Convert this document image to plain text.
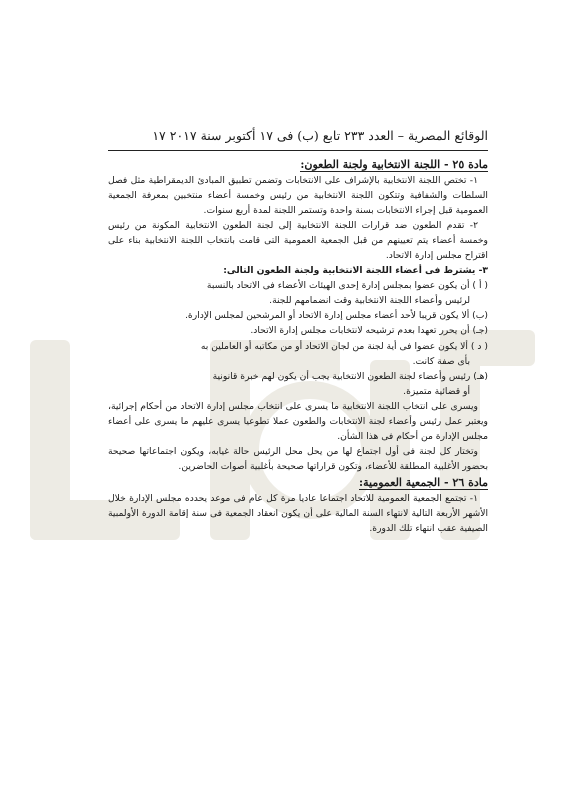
الوقائع المصرية – العدد ٢٣٣ تابع (ب) فى ١٧ أكتوبر سنة ٢٠١٧ ١٧

مادة ٢٥ - اللجنة الانتخابية ولجنة الطعون:

١- تختص اللجنة الانتخابية بالإشراف على الانتخابات وتضمن تطبيق المبادئ الديمقراطية مثل فصل السلطات والشفافية وتتكون اللجنة الانتخابية من رئيس وخمسة أعضاء منتخبين بمعرفة الجمعية العمومية قبل إجراء الانتخابات بسنة واحدة وتستمر اللجنة لمدة أربع سنوات.

٢- تقدم الطعون ضد قرارات اللجنة الانتخابية إلى لجنة الطعون الانتخابية المكونة من رئيس وخمسة أعضاء يتم تعيينهم من قبل الجمعية العمومية التى قامت بانتخاب اللجنة الانتخابية بناء على اقتراح مجلس إدارة الاتحاد.

٣- يشترط فى أعضاء اللجنة الانتخابية ولجنة الطعون التالى:

( أ ) أن يكون عضوا بمجلس إدارة إحدى الهيئات الأعضاء فى الاتحاد بالنسبة

لرئيس وأعضاء اللجنة الانتخابية وقت انضمامهم للجنة.

(ب) ألا يكون قريبا لأحد أعضاء مجلس إدارة الاتحاد أو المرشحين لمجلس الإدارة.

(جـ) أن يحرر تعهدا بعدم ترشيحه لانتخابات مجلس إدارة الاتحاد.

( د ) ألا يكون عضوا فى أية لجنة من لجان الاتحاد أو من مكاتبه أو العاملين به

بأى صفة كانت.

(هـ) رئيس وأعضاء لجنة الطعون الانتخابية يجب أن يكون لهم خبرة قانونية

أو قضائية متميزة.

ويسرى على انتخاب اللجنة الانتخابية ما يسرى على انتخاب مجلس إدارة الاتحاد من أحكام إجرائية، ويعتبر عمل رئيس وأعضاء لجنة الانتخابات والطعون عملا تطوعيا يسرى عليهم ما يسرى على أعضاء مجلس الإدارة من أحكام فى هذا الشأن.

وتختار كل لجنة فى أول اجتماع لها من يحل محل الرئيس حالة غيابه، ويكون اجتماعاتها صحيحة بحضور الأغلبية المطلقة للأعضاء، وتكون قراراتها صحيحة بأغلبية أصوات الحاضرين.

مادة ٢٦ - الجمعية العمومية:

١- تجتمع الجمعية العمومية للاتحاد اجتماعا عاديا مرة كل عام فى موعد يحدده مجلس الإدارة خلال الأشهر الأربعة التالية لانتهاء السنة المالية على أن يكون انعقاد الجمعية فى سنة إقامة الدورة الأولمبية الصيفية عقب انتهاء تلك الدورة.
